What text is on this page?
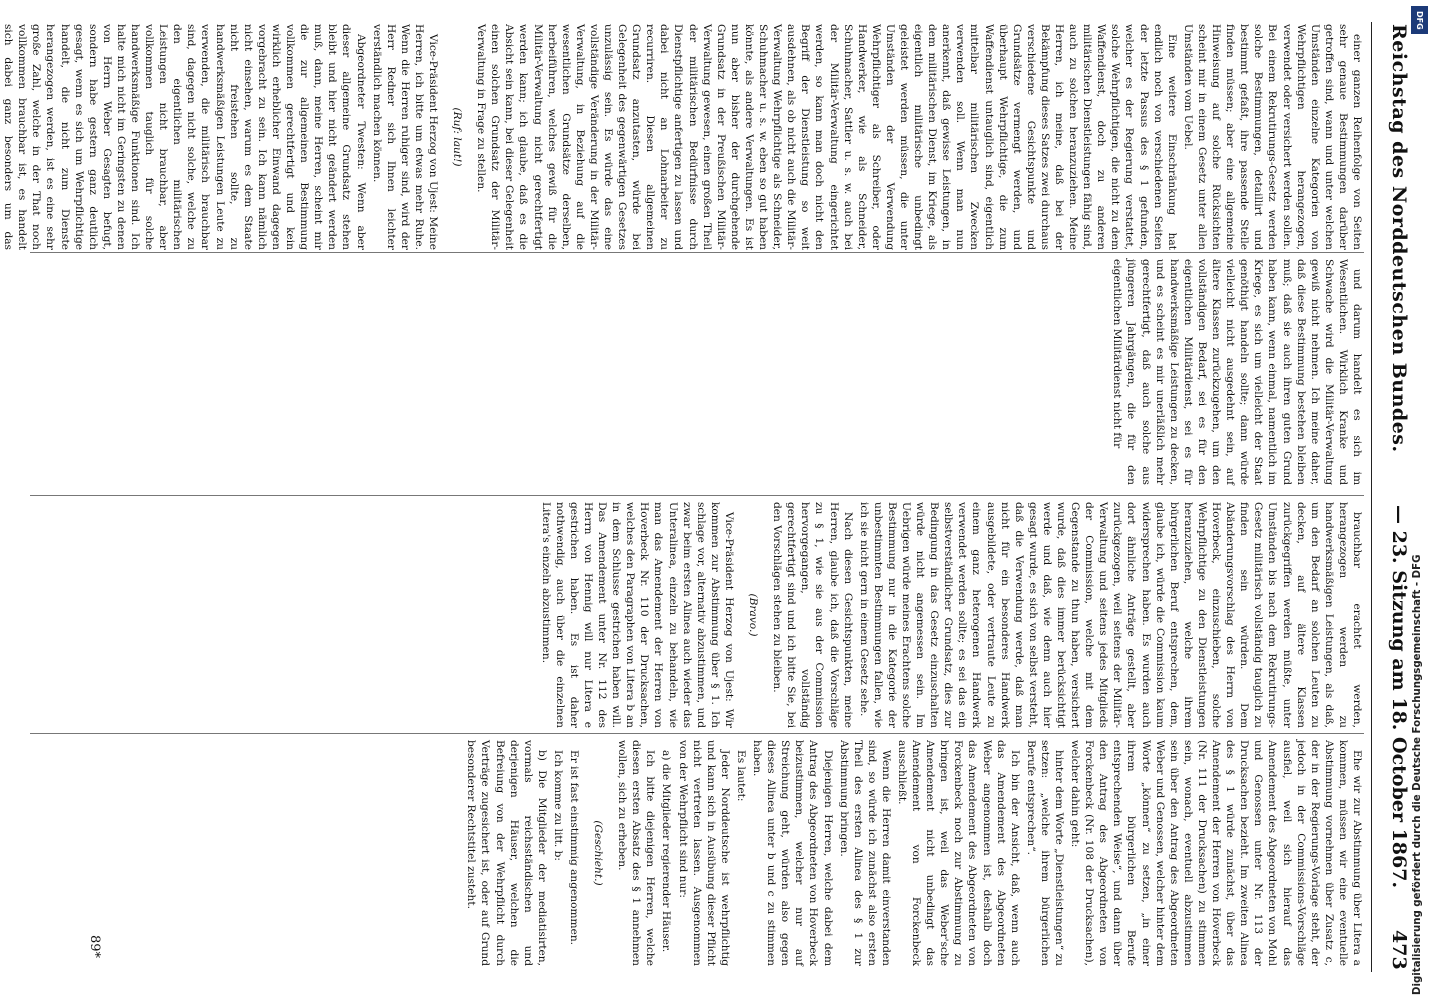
Reichstag des Norddeutschen Bundes.
— 23. Sitzung am 18. October 1867.
473

einer ganzen Reihenfolge von Seiten sehr genaue Bestimmungen darüber getroffen sind, wann und unter welchen Umständen einzelne Kategorien von Wehrpflichtigen herangezogen, verwendet oder versichert werden sollen. Bei einem Rekrutirungs-Gesetz werden solche Bestimmungen, detaillirt und bestimmt gefaßt, ihre passende Stelle finden müssen; aber eine allgemeine Hinweisung auf solche Rücksichten scheint mir in einem Gesetz unter allen Umständen vom Uebel.

Eine weitere Einschränkung hat endlich noch von verschiedenen Seiten der letzte Passus des § 1 gefunden, welcher es der Regierung verstattet, solche Wehrpflichtigen, die nicht zu dem Waffendienst, doch zu anderen militärischen Dienstleistungen fähig sind, auch zu solchen heranzuziehen. Meine Herren, ich meine, daß bei der Bekämpfung dieses Satzes zwei durchaus verschiedene Gesichtspunkte und Grundsätze vermengt werden, und überhaupt Wehrpflichtige, die zum Waffendienst untauglich sind, eigentlich mittelbar militärischen Zwecken verwenden soll. Wenn man nun anerkennt, daß gewisse Leistungen, in dem militärischen Dienst, im Kriege, als eigentlich militärische unbedingt geleistet werden müssen, die unter Umständen der Verwendung Wehrpflichtiger als Schreiber, oder Handwerker, wie als Schneider, Schuhmacher, Sattler u. s. w. auch bei der Militär-Verwaltung eingerichtet werden, so kann man doch nicht den Begriff der Dienstleistung so weit ausdehnen, als ob nicht auch die Militär-Verwaltung Wehrpflichtige als Schneider, Schuhmacher u. s. w. eben so gut haben könnte, als andere Verwaltungen. Es ist nun aber bisher der durchgehende Grundsatz in der Preußischen Militär-Verwaltung gewesen, einen großen Theil der militärischen Bedürfnisse durch Dienstpflichtige anfertigen zu lassen und dabei nicht an Lohnarbeiter zu recurriren. Diesen allgemeinen Grundsatz anzutasten, würde bei Gelegenheit des gegenwärtigen Gesetzes unzulässig sein. Es würde das eine vollständige Veränderung in der Militär-Verwaltung, in Beziehung auf die wesentlichen Grundsätze derselben, herbeiführen, welches gewiß für die Militär-Verwaltung nicht gerechtfertigt werden kann; ich glaube, daß es die Absicht sein kann, bei dieser Gelegenheit einen solchen Grundsatz der Militär-Verwaltung in Frage zu stellen.

(Ruf: laut!)

Vice-Präsident Herzog von Ujest: Meine Herren, ich bitte um etwas mehr Ruhe. Wenn die Herren ruhiger sind, wird der Herr Redner sich Ihnen leichter verständlich machen können.

Abgeordneter Twesten: Wenn aber dieser allgemeine Grundsatz stehen bleibt und hier nicht geändert werden muß, dann, meine Herren, scheint mir die zur allgemeinen Bestimmung vollkommen gerechtfertigt und kein wirklich erheblicher Einwand dagegen vorgebracht zu sein. Ich kann nämlich nicht einsehen, warum es dem Staate nicht freistehen sollte, zu handwerksmäßigen Leistungen Leute zu verwenden, die militärisch brauchbar sind, dagegen nicht solche, welche zu den eigentlichen militärischen Leistungen nicht brauchbar, aber vollkommen tauglich für solche handwerksmäßige Funktionen sind. Ich halte mich nicht im Geringsten zu denen von Herrn Weber Gesagten befugt, sondern habe gestern ganz deutlich gesagt, wenn es sich um Wehrpflichtige handelt, die nicht zum Dienste herangezogen werden, ist es eine sehr große Zahl, welche in der That noch vollkommen brauchbar ist, es handelt sich dabei ganz besonders um das

und darum handelt es sich im Wesentlichen. Wirklich Kranke und Schwache wird die Militär-Verwaltung gewiß nicht nehmen. Ich meine daher, daß diese Bestimmung bestehen bleiben muß; daß sie auch ihren guten Grund haben kann, wenn einmal, namentlich im Kriege, es sich um vielleicht der Staat genöthigt handeln sollte; dann würde vielleicht nicht ausgedehnt sein, auf ältere Klassen zurückzugehen, um den vollständigen Bedarf, sei es für den eigentlichen Militärdienst, sei es für handwerksmäßige Leistungen zu decken, und es scheint es mir unerläßlich mehr gerechtfertigt, daß auch solche aus jüngeren Jahrgängen, die für den eigentlichen Militärdienst nicht für

brauchbar erachtet werden, herangezogen werden zu handwerksmäßigen Leistungen, als daß, um den Bedarf an solchen Leuten zu decken, auf ältere Klassen zurückgegriffen werden müßte, unter Umständen bis nach dem Rekrutirungs-Gesetz militärisch vollständig tauglich zu finden sein würden. Dem Abänderungsvorschlag des Herrn von Hoverbeck, einzuschieben, solche Wehrpflichtige zu den Dienstleistungen heranzuziehen, welche ihrem bürgerlichen Beruf entsprechen, dem, glaube ich, würde die Commission kaum widersprechen haben. Es wurden auch dort ähnliche Anträge gestellt, aber zurückgezogen, weil seitens der Militär-Verwaltung und seitens jedes Mitglieds der Commission, welche mit dem Gegenstande zu thun haben, versichert wurde, daß dies immer berücksichtigt werde und daß, wie denn auch hier gesagt wurde, es sich von selbst versteht, daß die Verwendung werde, daß man nicht für ein besonderes Handwerk ausgebildete, oder vertraute Leute zu einem ganz heterogenen Handwerk verwendet werden sollte; es sei das ein selbstverständlicher Grundsatz, dies zur Bedingung in das Gesetz einzuschalten würde nicht angemessen sein. Im Uebrigen würde meines Erachtens solche Bestimmung nur in die Kategorie der unbestimmten Bestimmungen fallen, wie ich sie nicht gern in einem Gesetz sehe.

Nach diesen Gesichtspunkten, meine Herren, glaube ich, daß die Vorschläge zu § 1, wie sie aus der Commission hervorgegangen, vollständig gerechtfertigt sind und ich bitte Sie, bei den Vorschlägen stehen zu bleiben.

(Bravo.)

Vice-Präsident Herzog von Ujest: Wir kommen zur Abstimmung über § 1. Ich schlage vor, alternativ abzustimmen, und zwar beim ersten Alinea auch wieder das Unteralinea, einzeln zu behandeln, wie man das Amendement der Herren von Hoverbeck Nr. 110 der Drucksachen, welches den Paragraphen von Litera b an in dem Schlusse gestrichen haben will. Das Amendement unter Nr. 112 des Herrn von Hennig will nur Litera e gestrichen haben. Es ist daher nothwendig, auch über die einzelnen Litera's einzeln abzustimmen.

Ehe wir zur Abstimmung über Litera a kommen, müssen wir eine eventuelle Abstimmung vornehmen über Zusatz c, der in der Regierungs-Vorlage steht, der jedoch in der Commissions-Vorschläge ausfiel, weil sich hierauf das Amendement des Abgeordneten von Mohl und Genossen unter Nr. 113 der Drucksachen bezieht. Im zweiten Alinea des § 1 würde zunächst, über das Amendement der Herren von Hoverbeck (Nr. 111 der Drucksachen) zu stimmen sein, wonach, eventuell abzustimmen sein über den Antrag des Abgeordneten Weber und Genossen, welcher hinter dem Worte „können“ zu setzen, „in einer ihrem bürgerlichen Berufe entsprechenden Weise“, und dann über den Antrag des Abgeordneten von Forckenbeck (Nr. 108 der Drucksachen), welcher dahin geht:

hinter dem Worte „Dienstleistungen“ zu setzen: „welche ihrem bürgerlichen Berufe entsprechen“.

Ich bin der Ansicht, daß, wenn auch das Amendement des Abgeordneten Weber angenommen ist, deshalb doch das Amendement des Abgeordneten von Forckenbeck noch zur Abstimmung zu bringen ist, weil das Weber'sche Amendement nicht unbedingt das Amendement von Forckenbeck ausschließt.

Wenn die Herren damit einverstanden sind, so würde ich zunächst also ersten Theil des ersten Alinea des § 1 zur Abstimmung bringen.

Diejenigen Herren, welche dabei dem Antrag des Abgeordneten von Hoverbeck beizustimmen, welcher nur auf Streichung geht, würden also gegen dieses Alinea unter b und c zu stimmen haben.

Es lautet:

Jeder Norddeutsche ist wehrpflichtig und kann sich in Ausübung dieser Pflicht nicht vertreten lassen. Ausgenommen von der Wehrpflicht sind nur:

a) die Mitglieder regierender Häuser.

Ich bitte diejenigen Herren, welche diesen ersten Absatz des § 1 annehmen wollen, sich zu erheben.

(Geschieht.)

Er ist fast einstimmig angenommen.

Ich komme zu litt. b:

b) Die Mitglieder der mediatisirten, vormals reichsständischen und derjenigen Häuser, welchen die Befreiung von der Wehrpflicht durch Verträge zugesichert ist, oder auf Grund besonderer Rechtstitel zusteht.

89*
DFG
Digitalisierung gefördert durch die Deutsche Forschungsgemeinschaft - DFG
